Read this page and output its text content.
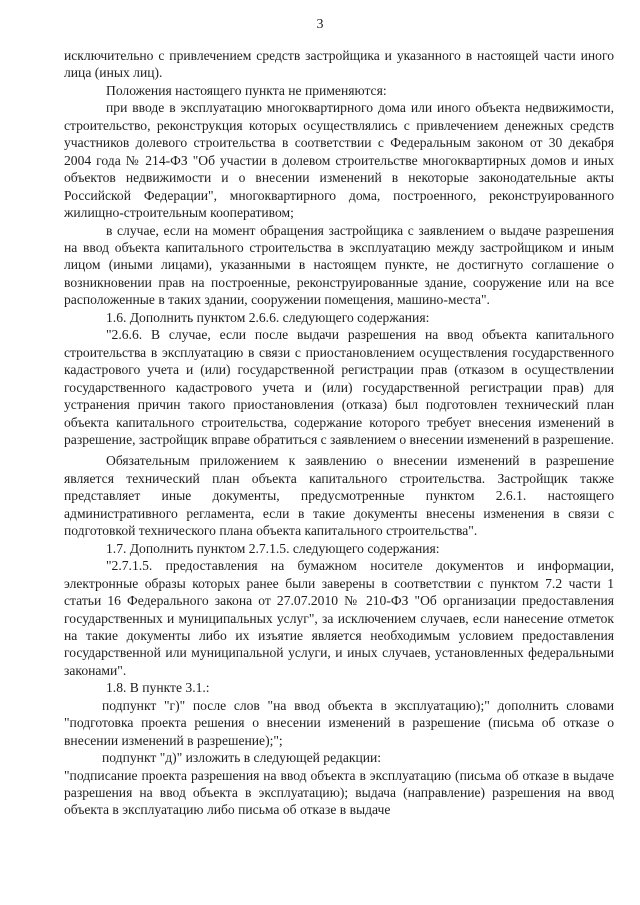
3

исключительно с привлечением средств застройщика и указанного в настоящей части иного лица (иных лиц).

Положения настоящего пункта не применяются:

при вводе в эксплуатацию многоквартирного дома или иного объекта недвижимости, строительство, реконструкция которых осуществлялись с привлечением денежных средств участников долевого строительства в соответствии с Федеральным законом от 30 декабря 2004 года № 214-ФЗ "Об участии в долевом строительстве многоквартирных домов и иных объектов недвижимости и о внесении изменений в некоторые законодательные акты Российской Федерации", многоквартирного дома, построенного, реконструированного жилищно-строительным кооперативом;

в случае, если на момент обращения застройщика с заявлением о выдаче разрешения на ввод объекта капитального строительства в эксплуатацию между застройщиком и иным лицом (иными лицами), указанными в настоящем пункте, не достигнуто соглашение о возникновении прав на построенные, реконструированные здание, сооружение или на все расположенные в таких здании, сооружении помещения, машино-места".

1.6. Дополнить пунктом 2.6.6. следующего содержания:

"2.6.6. В случае, если после выдачи разрешения на ввод объекта капитального строительства в эксплуатацию в связи с приостановлением осуществления государственного кадастрового учета и (или) государственной регистрации прав (отказом в осуществлении государственного кадастрового учета и (или) государственной регистрации прав) для устранения причин такого приостановления (отказа) был подготовлен технический план объекта капитального строительства, содержание которого требует внесения изменений в разрешение, застройщик вправе обратиться с заявлением о внесении изменений в разрешение.

Обязательным приложением к заявлению о внесении изменений в разрешение является технический план объекта капитального строительства. Застройщик также представляет иные документы, предусмотренные пунктом 2.6.1. настоящего административного регламента, если в такие документы внесены изменения в связи с подготовкой технического плана объекта капитального строительства".

1.7. Дополнить пунктом 2.7.1.5. следующего содержания:

"2.7.1.5. предоставления на бумажном носителе документов и информации, электронные образы которых ранее были заверены в соответствии с пунктом 7.2 части 1 статьи 16 Федерального закона от 27.07.2010 № 210-ФЗ "Об организации предоставления государственных и муниципальных услуг", за исключением случаев, если нанесение отметок на такие документы либо их изъятие является необходимым условием предоставления государственной или муниципальной услуги, и иных случаев, установленных федеральными законами".

1.8. В пункте 3.1.:

подпункт "г)" после слов "на ввод объекта в эксплуатацию);" дополнить словами "подготовка проекта решения о внесении изменений в разрешение (письма об отказе о внесении изменений в разрешение);";

подпункт "д)" изложить в следующей редакции:

"подписание проекта разрешения на ввод объекта в эксплуатацию (письма об отказе в выдаче разрешения на ввод объекта в эксплуатацию); выдача (направление) разрешения на ввод объекта в эксплуатацию либо письма об отказе в выдаче
